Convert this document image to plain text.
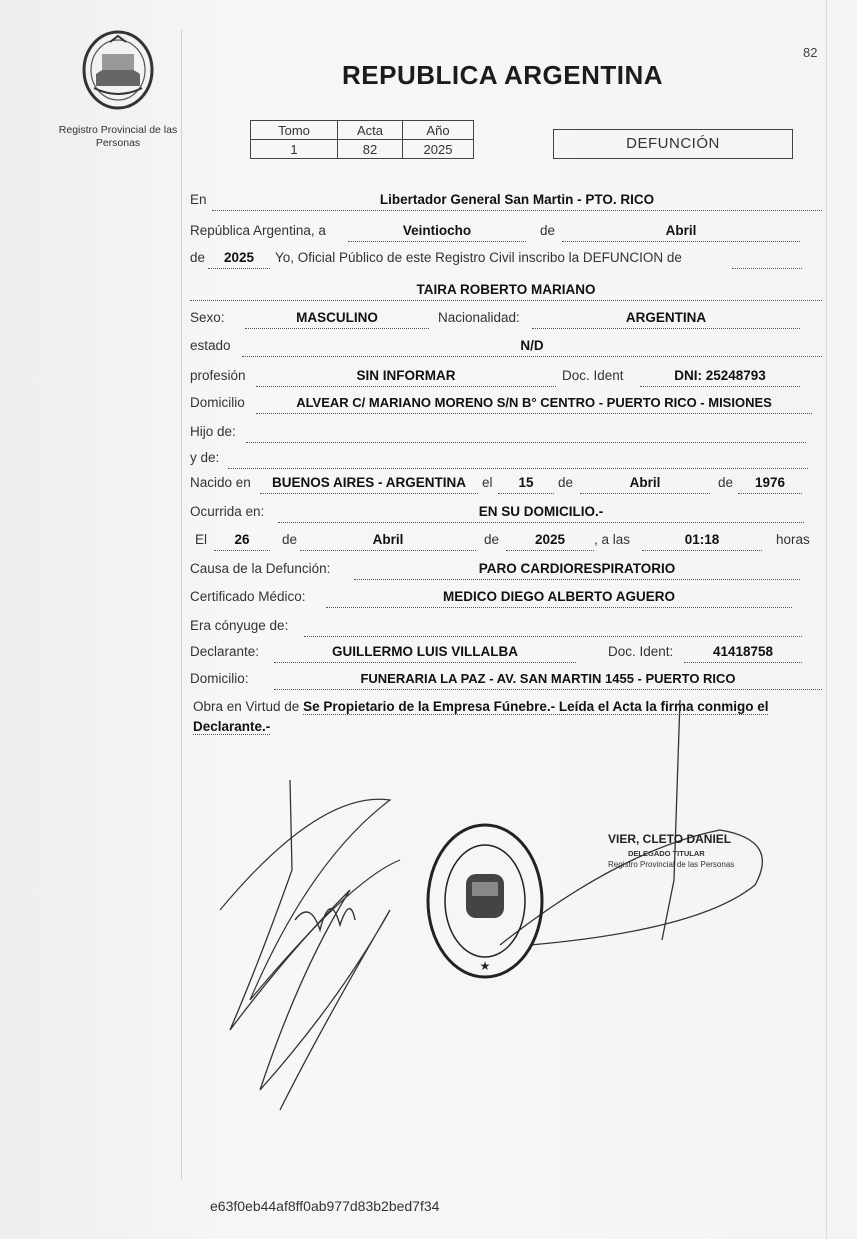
82
Registro Provincial de las Personas
REPUBLICA ARGENTINA
Tomo	Acta	Año
1	82	2025	DEFUNCIÓN
En	Libertador General San Martin - PTO. RICO
República Argentina, a	Veintiocho	de	Abril
de	2025	Yo, Oficial Público de este Registro Civil inscribo la DEFUNCION de
TAIRA ROBERTO MARIANO
Sexo:	MASCULINO	Nacionalidad:	ARGENTINA
estado	N/D
profesión	SIN INFORMAR	Doc. Ident	DNI: 25248793
Domicilio	ALVEAR C/ MARIANO MORENO S/N B° CENTRO - PUERTO RICO - MISIONES
Hijo de:
y de:
Nacido en	BUENOS AIRES - ARGENTINA	el	15	de	Abril	de	1976
Ocurrida en:	EN SU DOMICILIO.-
El	26	de	Abril	de	2025	, a las	01:18	horas
Causa de la Defunción:	PARO CARDIORESPIRATORIO
Certificado Médico:	MEDICO DIEGO ALBERTO AGUERO
Era cónyuge de:
Declarante:	GUILLERMO LUIS VILLALBA	Doc. Ident:	41418758
Domicilio:	FUNERARIA LA PAZ - AV. SAN MARTIN 1455 - PUERTO RICO
Obra en Virtud de Se Propietario de la Empresa Fúnebre.- Leída el Acta la firma conmigo el Declarante.-
★
VIER, CLETO DANIEL
DELEGADO TITULAR
Registro Provincial de las Personas
e63f0eb44af8ff0ab977d83b2bed7f34
